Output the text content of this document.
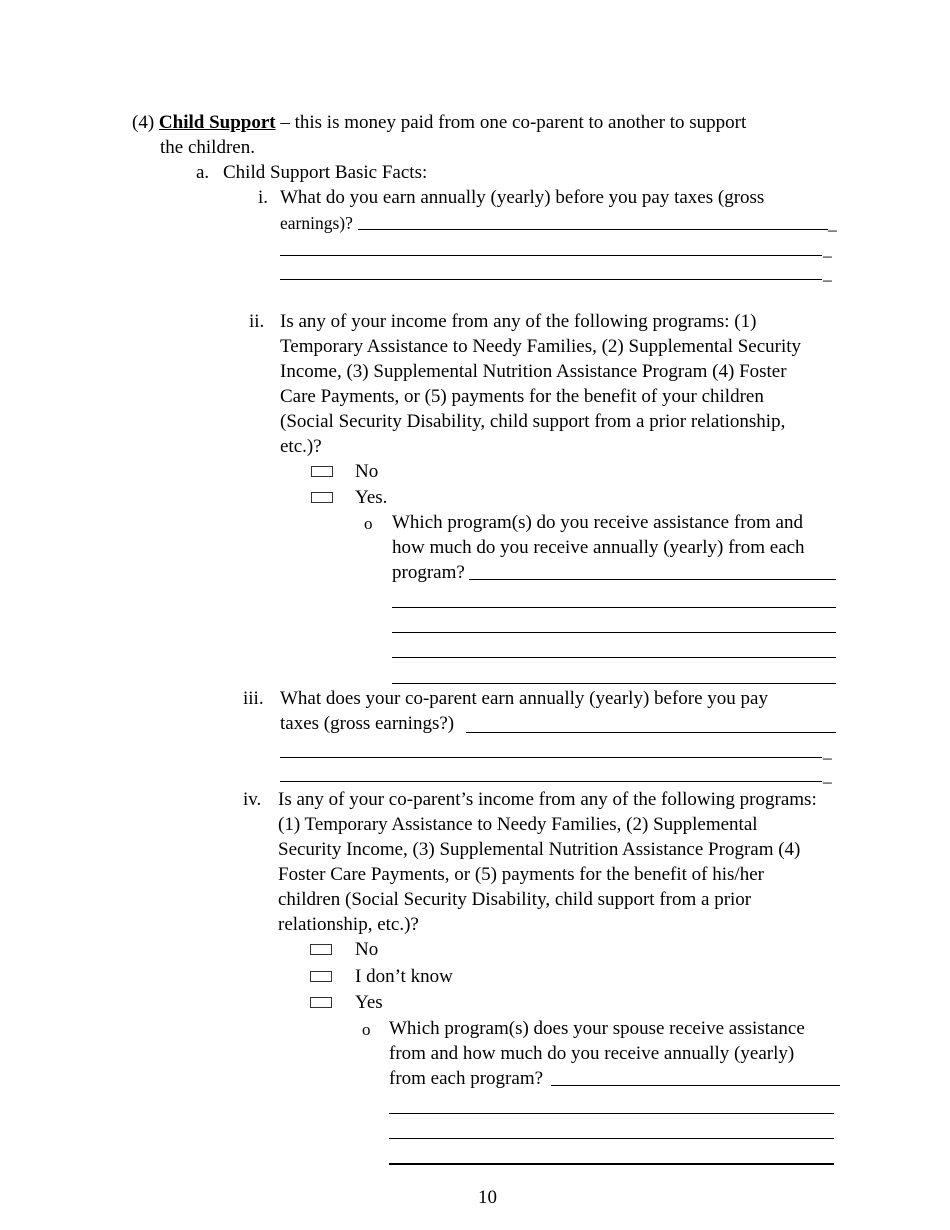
(4) Child Support – this is money paid from one co-parent to another to support
the children.
a. Child Support Basic Facts:
i. What do you earn annually (yearly) before you pay taxes (gross
earnings)?	_
_
_
ii. Is any of your income from any of the following programs: (1)
Temporary Assistance to Needy Families, (2) Supplemental Security
Income, (3) Supplemental Nutrition Assistance Program (4) Foster
Care Payments, or (5) payments for the benefit of your children
(Social Security Disability, child support from a prior relationship,
etc.)?
No
Yes.
o Which program(s) do you receive assistance from and
how much do you receive annually (yearly) from each
program?
iii. What does your co-parent earn annually (yearly) before you pay
taxes (gross earnings?)
_
_
iv. Is any of your co-parent’s income from any of the following programs:
(1) Temporary Assistance to Needy Families, (2) Supplemental
Security Income, (3) Supplemental Nutrition Assistance Program (4)
Foster Care Payments, or (5) payments for the benefit of his/her
children (Social Security Disability, child support from a prior
relationship, etc.)?
No
I don’t know
Yes
o Which program(s) does your spouse receive assistance
from and how much do you receive annually (yearly)
from each program?
10
